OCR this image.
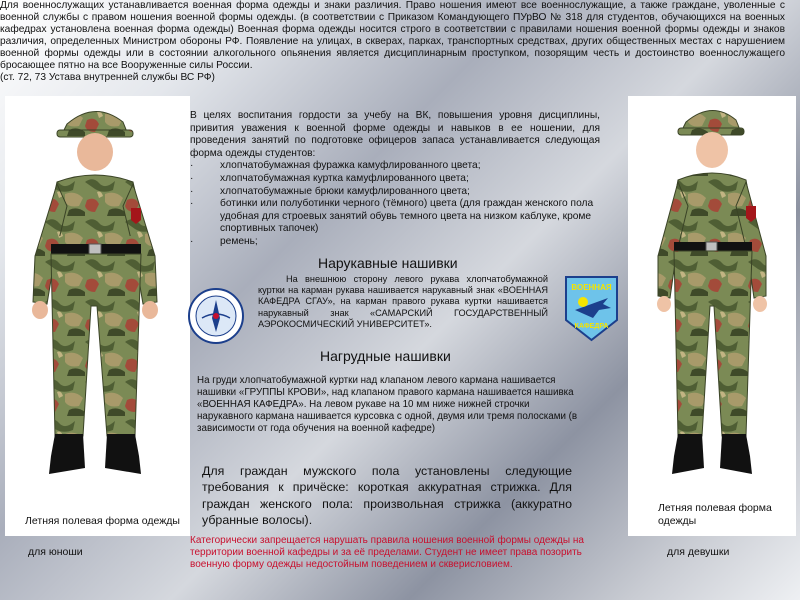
Для военнослужащих устанавливается военная форма одежды и знаки различия. Право ношения имеют все военнослужащие, а также граждане, уволенные с военной службы с правом ношения военной формы одежды. (в соответствии с Приказом Командующего ПУрВО № 318 для студентов, обучающихся на военных кафедрах установлена военная форма одежды) Военная форма одежды носится строго в соответствии с правилами ношения военной формы одежды и знаков различия, определенных Министром обороны РФ. Появление на улицах, в скверах, парках, транспортных средствах, других общественных местах с нарушением военной формы одежды или в состоянии алкогольного опьянения является дисциплинарным проступком, позорящим честь и достоинство военнослужащего бросающее пятно на все Вооруженные силы России.
(ст. 72, 73 Устава внутренней службы ВС РФ)

Летняя полевая форма одежды
Летняя полевая форма одежды
для юноши	для девушки
В целях воспитания гордости за учебу на ВК, повышения уровня дисциплины, привития уважения к военной форме одежды и навыков в ее ношении, для проведения занятий по подготовке офицеров запаса устанавливается следующая форма одежды студентов:
·	хлопчатобумажная фуражка камуфлированного цвета;
·	хлопчатобумажная куртка камуфлированного цвета;
·	хлопчатобумажные брюки камуфлированного цвета;
·	ботинки или полуботинки черного (тёмного) цвета (для граждан женского пола удобная для строевых занятий обувь темного цвета на низком каблуке, кроме спортивных тапочек)
·	ремень;
Нарукавные нашивки
На внешнюю сторону левого рукава хлопчатобумажной куртки на карман рукава нашивается нарукавный знак «ВОЕННАЯ КАФЕДРА СГАУ», на карман правого рукава куртки нашивается нарукавный знак «САМАРСКИЙ ГОСУДАРСТВЕННЫЙ АЭРОКОСМИЧЕСКИЙ УНИВЕРСИТЕТ».
ВОЕННАЯ
КАФЕДРА
Нагрудные нашивки
На груди хлопчатобумажной куртки над клапаном левого кармана нашивается нашивки «ГРУППЫ КРОВИ», над клапаном правого кармана нашивается нашивка «ВОЕННАЯ КАФЕДРА». На левом рукаве на 10 мм ниже нижней строчки нарукавного кармана нашивается курсовка с одной, двумя или тремя полосками (в зависимости от года обучения на военной кафедре)
Для граждан мужского пола установлены следующие требования к причёске: короткая аккуратная стрижка. Для граждан женского пола: произвольная стрижка (аккуратно убранные волосы).
Категорически запрещается нарушать правила ношения военной формы одежды на территории военной кафедры и за её пределами. Студент не имеет права позорить военную форму одежды недостойным поведением и скверисловием.
